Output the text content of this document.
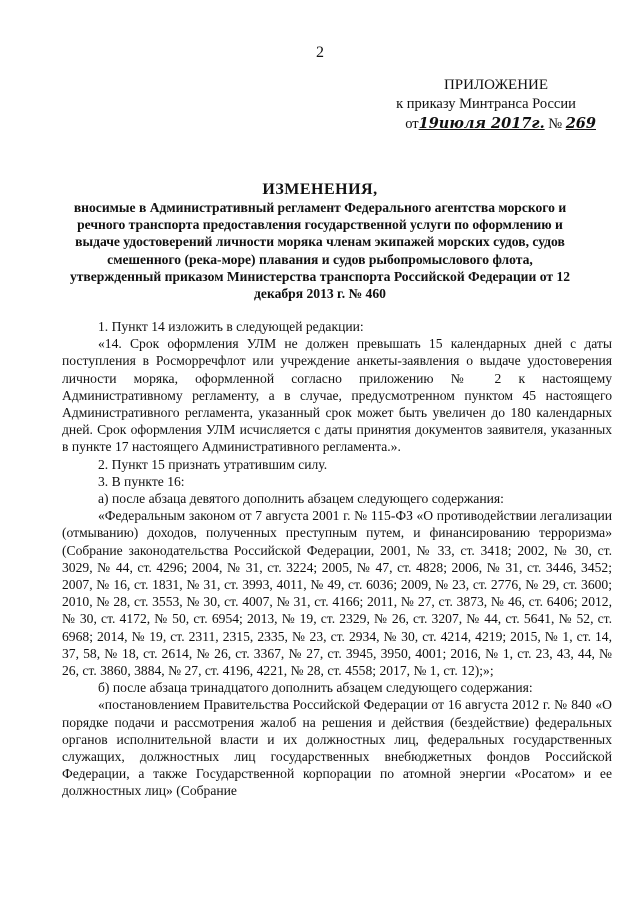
2
ПРИЛОЖЕНИЕ
к приказу Минтранса России
от19июля 2017г. № 269
ИЗМЕНЕНИЯ,
вносимые в Административный регламент Федерального агентства морского и речного транспорта предоставления государственной услуги по оформлению и выдаче удостоверений личности моряка членам экипажей морских судов, судов смешенного (река-море) плавания и судов рыбопромыслового флота, утвержденный приказом Министерства транспорта Российской Федерации от 12 декабря 2013 г. № 460

1. Пункт 14 изложить в следующей редакции:

«14. Срок оформления УЛМ не должен превышать 15 календарных дней с даты поступления в Росморречфлот или учреждение анкеты-заявления о выдаче удостоверения личности моряка, оформленной согласно приложению № 2 к настоящему Административному регламенту, а в случае, предусмотренном пунктом 45 настоящего Административного регламента, указанный срок может быть увеличен до 180 календарных дней. Срок оформления УЛМ исчисляется с даты принятия документов заявителя, указанных в пункте 17 настоящего Административного регламента.».

2. Пункт 15 признать утратившим силу.

3. В пункте 16:

а) после абзаца девятого дополнить абзацем следующего содержания:

«Федеральным законом от 7 августа 2001 г. № 115-ФЗ «О противодействии легализации (отмыванию) доходов, полученных преступным путем, и финансированию терроризма» (Собрание законодательства Российской Федерации, 2001, № 33, ст. 3418; 2002, № 30, ст. 3029, № 44, ст. 4296; 2004, № 31, ст. 3224; 2005, № 47, ст. 4828; 2006, № 31, ст. 3446, 3452; 2007, № 16, ст. 1831, № 31, ст. 3993, 4011, № 49, ст. 6036; 2009, № 23, ст. 2776, № 29, ст. 3600; 2010, № 28, ст. 3553, № 30, ст. 4007, № 31, ст. 4166; 2011, № 27, ст. 3873, № 46, ст. 6406; 2012, № 30, ст. 4172, № 50, ст. 6954; 2013, № 19, ст. 2329, № 26, ст. 3207, № 44, ст. 5641, № 52, ст. 6968; 2014, № 19, ст. 2311, 2315, 2335, № 23, ст. 2934, № 30, ст. 4214, 4219; 2015, № 1, ст. 14, 37, 58, № 18, ст. 2614, № 26, ст. 3367, № 27, ст. 3945, 3950, 4001; 2016, № 1, ст. 23, 43, 44, № 26, ст. 3860, 3884, № 27, ст. 4196, 4221, № 28, ст. 4558; 2017, № 1, ст. 12);»;

б) после абзаца тринадцатого дополнить абзацем следующего содержания:

«постановлением Правительства Российской Федерации от 16 августа 2012 г. № 840 «О порядке подачи и рассмотрения жалоб на решения и действия (бездействие) федеральных органов исполнительной власти и их должностных лиц, федеральных государственных служащих, должностных лиц государственных внебюджетных фондов Российской Федерации, а также Государственной корпорации по атомной энергии «Росатом» и ее должностных лиц» (Собрание
